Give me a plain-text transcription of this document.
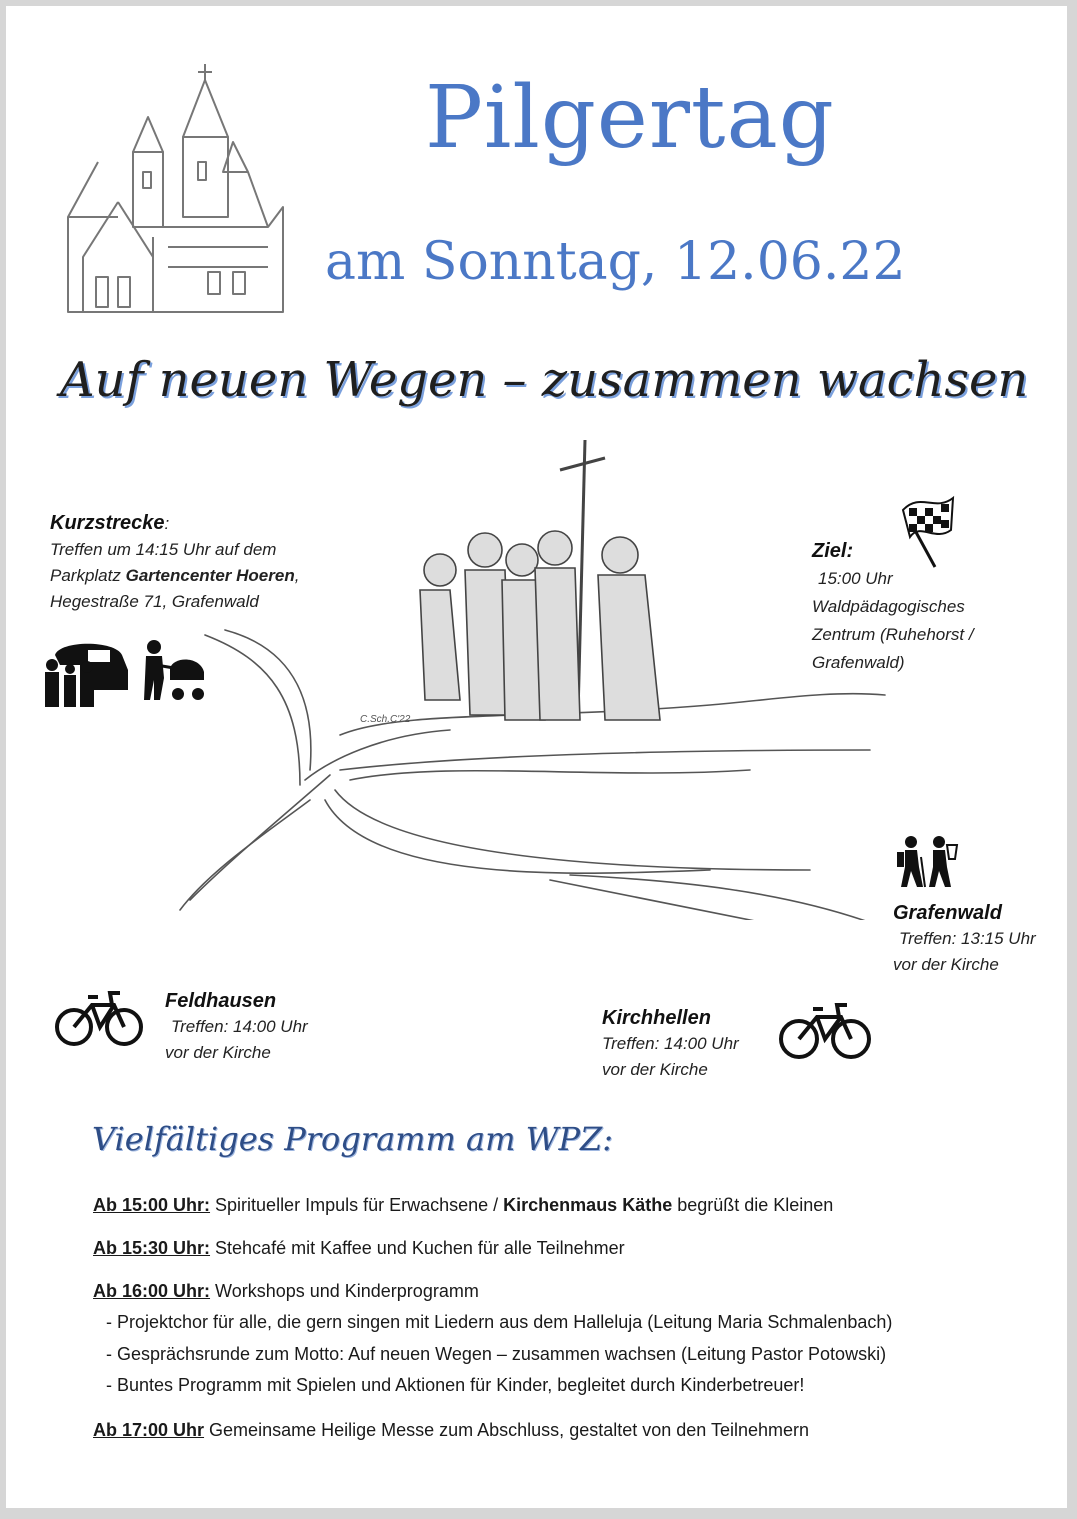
Pilgertag
am Sonntag, 12.06.22
Auf neuen Wegen – zusammen wachsen
C.Sch.C'22
Kurzstrecke:
Treffen um 14:15 Uhr auf dem
Parkplatz Gartencenter Hoeren,
Hegestraße 71, Grafenwald
Ziel:
15:00 Uhr
Waldpädagogisches
Zentrum (Ruhehorst /
Grafenwald)
Grafenwald
Treffen: 13:15 Uhr
vor der Kirche
Feldhausen
Treffen: 14:00 Uhr
vor der Kirche
Kirchhellen
Treffen: 14:00 Uhr
vor der Kirche
Vielfältiges Programm am WPZ:
Ab 15:00 Uhr: Spiritueller Impuls für Erwachsene / Kirchenmaus Käthe begrüßt die Kleinen
Ab 15:30 Uhr: Stehcafé mit Kaffee und Kuchen für alle Teilnehmer
Ab 16:00 Uhr: Workshops und Kinderprogramm
- Projektchor für alle, die gern singen mit Liedern aus dem Halleluja (Leitung Maria Schmalenbach)
- Gesprächsrunde zum Motto: Auf neuen Wegen – zusammen wachsen (Leitung Pastor Potowski)
- Buntes Programm mit Spielen und Aktionen für Kinder, begleitet durch Kinderbetreuer!
Ab 17:00 Uhr Gemeinsame Heilige Messe zum Abschluss, gestaltet von den Teilnehmern
